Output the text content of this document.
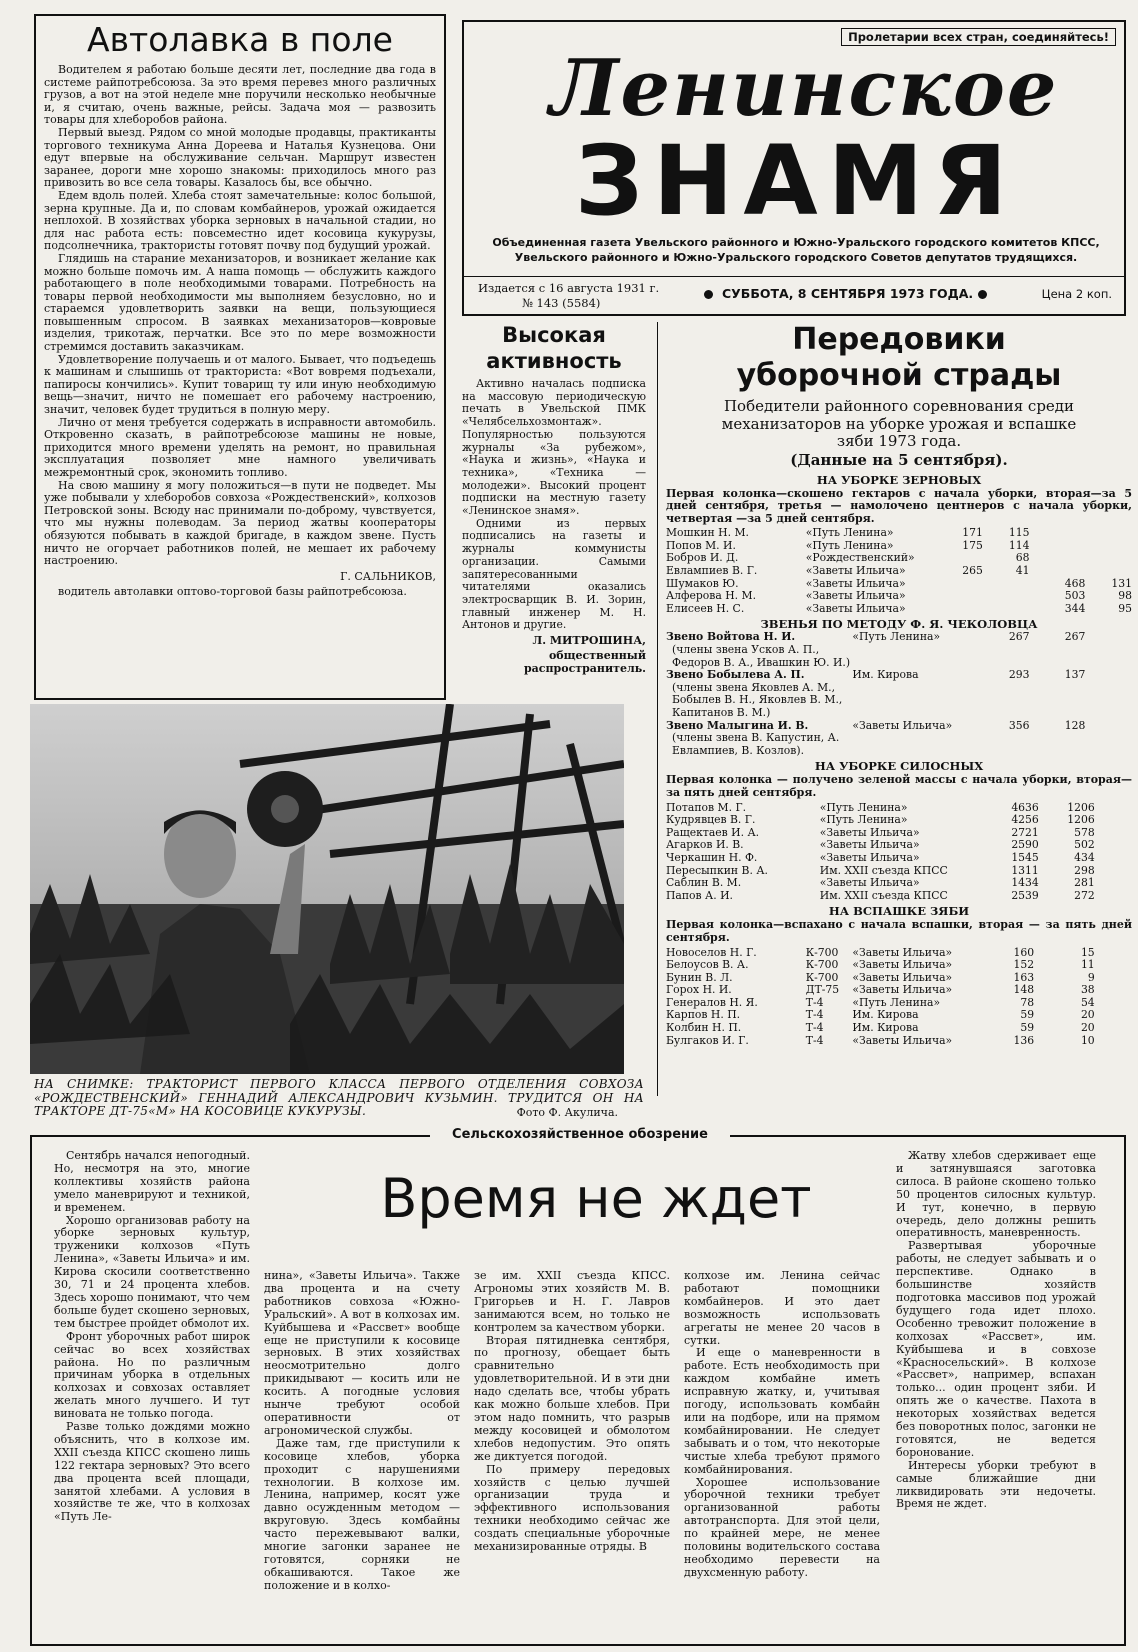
Автолавка в поле

Водителем я работаю больше десяти лет, последние два года в системе райпотребсоюза. За это время перевез много различных грузов, а вот на этой неделе мне поручили несколько необычные и, я считаю, очень важные, рейсы. Задача моя — развозить товары для хлеборобов района.

Первый выезд. Рядом со мной молодые продавцы, практиканты торгового техникума Анна Дореева и Наталья Кузнецова. Они едут впервые на обслуживание сельчан. Маршрут известен заранее, дороги мне хорошо знакомы: приходилось много раз привозить во все села товары. Казалось бы, все обычно.

Едем вдоль полей. Хлеба стоят замечательные: колос большой, зерна крупные. Да и, по словам комбайнеров, урожай ожидается неплохой. В хозяйствах уборка зерновых в начальной стадии, но для нас работа есть: повсеместно идет косовица кукурузы, подсолнечника, трактористы готовят почву под будущий урожай.

Глядишь на старание механизаторов, и возникает желание как можно больше помочь им. А наша помощь — обслужить каждого работающего в поле необходимыми товарами. Потребность на товары первой необходимости мы выполняем безусловно, но и стараемся удовлетворить заявки на вещи, пользующиеся повышенным спросом. В заявках механизаторов—ковровые изделия, трикотаж, перчатки. Все это по мере возможности стремимся доставить заказчикам.

Удовлетворение получаешь и от малого. Бывает, что подъедешь к машинам и слышишь от тракториста: «Вот вовремя подъехали, папиросы кончились». Купит товарищ ту или иную необходимую вещь—значит, ничто не помешает его рабочему настроению, значит, человек будет трудиться в полную меру.

Лично от меня требуется содержать в исправности автомобиль. Откровенно сказать, в райпотребсоюзе машины не новые, приходится много времени уделять на ремонт, но правильная эксплуатация позволяет мне намного увеличивать межремонтный срок, экономить топливо.

На свою машину я могу положиться—в пути не подведет. Мы уже побывали у хлеборобов совхоза «Рождественский», колхозов Петровской зоны. Всюду нас принимали по-доброму, чувствуется, что мы нужны полеводам. За период жатвы кооператоры обязуются побывать в каждой бригаде, в каждом звене. Пусть ничто не огорчает работников полей, не мешает их рабочему настроению.

Г. САЛЬНИКОВ,

водитель автолавки оптово-торговой базы райпотребсоюза.

Пролетарии всех стран, соединяйтесь!
Ленинское
ЗНАМЯ
Объединенная газета Увельского районного и Южно-Уральского городского комитетов КПСС,
Увельского районного и Южно-Уральского городского Советов депутатов трудящихся.
Издается с 16 августа 1931 г.
№ 143 (5584)
СУББОТА, 8 СЕНТЯБРЯ 1973 ГОДА.	Цена 2 коп.
Высокая
активность

Активно началась подписка на массовую периодическую печать в Увельской ПМК «Челябсельхозмонтаж». Популярностью пользуются журналы «За рубежом», «Наука и жизнь», «Наука и техника», «Техника — молодежи». Высокий процент подписки на местную газету «Ленинское знамя».

Одними из первых подписались на газеты и журналы коммунисты организации. Самыми запятересованными читателями оказались электросварщик В. И. Зорин, главный инженер М. Н. Антонов и другие.

Л. МИТРОШИНА,

общественный распространитель.

Передовики
уборочной страды
Победители районного соревнования среди механизаторов на уборке урожая и вспашке зяби 1973 года.
(Данные на 5 сентября).
НА УБОРКЕ ЗЕРНОВЫХ

Первая колонка—скошено гектаров с начала уборки, вторая—за 5 дней сентября, третья — намолочено центнеров с начала уборки, четвертая —за 5 дней сентября.

Мошкин Н. М.	«Путь Ленина»	171	115		
Попов М. И.	«Путь Ленина»	175	114		
Бобров И. Д.	«Рождественский»		68		
Евлампиев В. Г.	«Заветы Ильича»	265	41		
Шумаков Ю.	«Заветы Ильича»			468	131
Алферова Н. М.	«Заветы Ильича»			503	98
Елисеев Н. С.	«Заветы Ильича»			344	95
ЗВЕНЬЯ ПО МЕТОДУ Ф. Я. ЧЕКОЛОВЦА
Звено Войтова Н. И.
(члены звена Усков А. П., Федоров В. А., Ивашкин Ю. И.)	«Путь Ленина»	267	267	
Звено Бобылева А. П.
(члены звена Яковлев А. М., Бобылев В. Н., Яковлев В. М., Капитанов В. М.)	Им. Кирова	293	137	
Звено Малыгина И. В.
(члены звена В. Капустин, А. Евлампиев, В. Козлов).	«Заветы Ильича»	356	128	
НА УБОРКЕ СИЛОСНЫХ

Первая колонка — получено зеленой массы с начала уборки, вторая—за пять дней сентября.

Потапов М. Г.	«Путь Ленина»	4636	1206	
Кудрявцев В. Г.	«Путь Ленина»	4256	1206	
Ращектаев И. А.	«Заветы Ильича»	2721	578	
Агарков И. В.	«Заветы Ильича»	2590	502	
Черкашин Н. Ф.	«Заветы Ильича»	1545	434	
Пересыпкин В. А.	Им. XXII съезда КПСС	1311	298	
Саблин В. М.	«Заветы Ильича»	1434	281	
Папов А. И.	Им. XXII съезда КПСС	2539	272	
НА ВСПАШКЕ ЗЯБИ

Первая колонка—вспахано с начала вспашки, вторая — за пять дней сентября.

Новоселов Н. Г.	К-700	«Заветы Ильича»	160	15	
Белоусов В. А.	К-700	«Заветы Ильича»	152	11	
Бунин В. Л.	К-700	«Заветы Ильича»	163	9	
Горох Н. И.	ДТ-75	«Заветы Ильича»	148	38	
Генералов Н. Я.	Т-4	«Путь Ленина»	78	54	
Карпов Н. П.	Т-4	Им. Кирова	59	20	
Колбин Н. П.	Т-4	Им. Кирова	59	20	
Булгаков И. Г.	Т-4	«Заветы Ильича»	136	10	
НА СНИМКЕ: ТРАКТОРИСТ ПЕРВОГО КЛАССА ПЕРВОГО ОТДЕЛЕНИЯ СОВХОЗА «РОЖДЕСТВЕНСКИЙ» ГЕННАДИЙ АЛЕКСАНДРОВИЧ КУЗЬМИН. ТРУДИТСЯ ОН НА ТРАКТОРЕ ДТ-75«М» НА КОСОВИЦЕ КУКУРУЗЫ.	Фото Ф. Акулича.
Сельскохозяйственное обозрение
Время не ждет

Сентябрь начался непогодный. Но, несмотря на это, многие коллективы хозяйств района умело маневрируют и техникой, и временем.

Хорошо организовав работу на уборке зерновых культур, труженики колхозов «Путь Ленина», «Заветы Ильича» и им. Кирова скосили соответственно 30, 71 и 24 процента хлебов. Здесь хорошо понимают, что чем больше будет скошено зерновых, тем быстрее пройдет обмолот их.

Фронт уборочных работ широк сейчас во всех хозяйствах района. Но по различным причинам уборка в отдельных колхозах и совхозах оставляет желать много лучшего. И тут виновата не только погода.

Разве только дождями можно объяснить, что в колхозе им. XXII съезда КПСС скошено лишь 122 гектара зерновых? Это всего два процента всей площади, занятой хлебами. А условия в хозяйстве те же, что в колхозах «Путь Ле-

нина», «Заветы Ильича». Также два процента и на счету работников совхоза «Южно-Уральский». А вот в колхозах им. Куйбышева и «Рассвет» вообще еще не приступили к косовице зерновых. В этих хозяйствах неосмотрительно долго прикидывают — косить или не косить. А погодные условия нынче требуют особой оперативности от агрономической службы.

Даже там, где приступили к косовице хлебов, уборка проходит с нарушениями технологии. В колхозе им. Ленина, например, косят уже давно осужденным методом — вкруговую. Здесь комбайны часто пережевывают валки, многие загонки заранее не готовятся, сорняки не обкашиваются. Такое же положение и в колхо-

зе им. XXII съезда КПСС. Агрономы этих хозяйств М. В. Григорьев и Н. Г. Лавров занимаются всем, но только не контролем за качеством уборки.

Вторая пятидневка сентября, по прогнозу, обещает быть сравнительно удовлетворительной. И в эти дни надо сделать все, чтобы убрать как можно больше хлебов. При этом надо помнить, что разрыв между косовицей и обмолотом хлебов недопустим. Это опять же диктуется погодой.

По примеру передовых хозяйств с целью лучшей организации труда и эффективного использования техники необходимо сейчас же создать специальные уборочные механизированные отряды. В

колхозе им. Ленина сейчас работают помощники комбайнеров. И это дает возможность использовать агрегаты не менее 20 часов в сутки.

И еще о маневренности в работе. Есть необходимость при каждом комбайне иметь исправную жатку, и, учитывая погоду, использовать комбайн или на подборе, или на прямом комбайнировании. Не следует забывать и о том, что некоторые чистые хлеба требуют прямого комбайнирования.

Хорошее использование уборочной техники требует организованной работы автотранспорта. Для этой цели, по крайней мере, не менее половины водительского состава необходимо перевести на двухсменную работу.

Жатву хлебов сдерживает еще и затянувшаяся заготовка силоса. В районе скошено только 50 процентов силосных культур. И тут, конечно, в первую очередь, дело должны решить оперативность, маневренность.

Развертывая уборочные работы, не следует забывать и о перспективе. Однако в большинстве хозяйств подготовка массивов под урожай будущего года идет плохо. Особенно тревожит положение в колхозах «Рассвет», им. Куйбышева и в совхозе «Красносельский». В колхозе «Рассвет», например, вспахан только... один процент зяби. И опять же о качестве. Пахота в некоторых хозяйствах ведется без поворотных полос, загонки не готовятся, не ведется боронование.

Интересы уборки требуют в самые ближайшие дни ликвидировать эти недочеты. Время не ждет.
